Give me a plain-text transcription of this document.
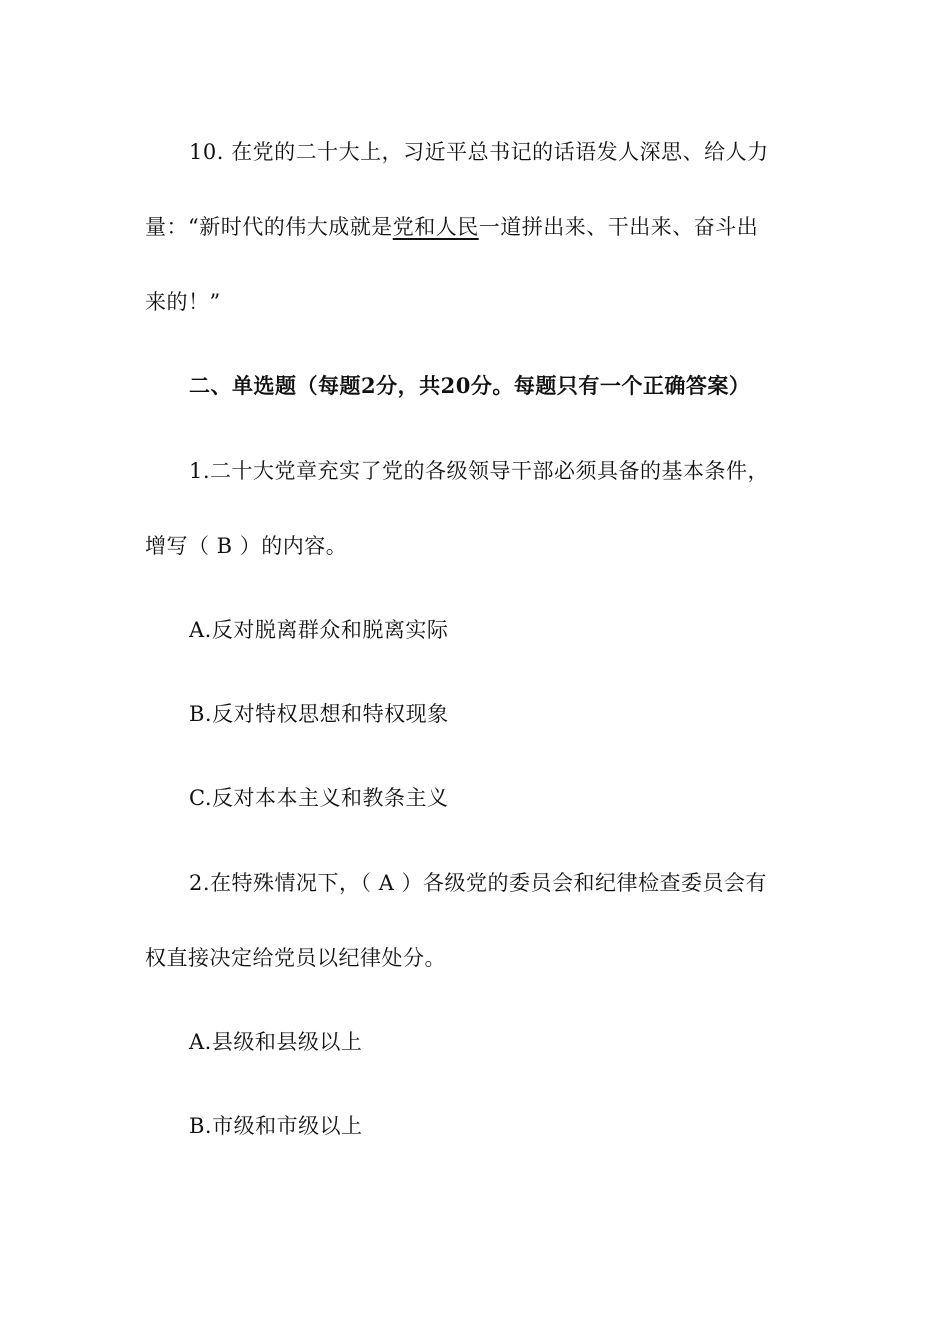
10. 在党的二十大上，习近平总书记的话语发人深思、给人力
量：“新时代的伟大成就是党和人民一道拼出来、干出来、奋斗出
来的！”
二、单选题（每题2分，共20分。每题只有一个正确答案）
1.二十大党章充实了党的各级领导干部必须具备的基本条件，
增写（ B ）的内容。
A.反对脱离群众和脱离实际
B.反对特权思想和特权现象
C.反对本本主义和教条主义
2.在特殊情况下，（ A ）各级党的委员会和纪律检查委员会有
权直接决定给党员以纪律处分。
A.县级和县级以上
B.市级和市级以上
